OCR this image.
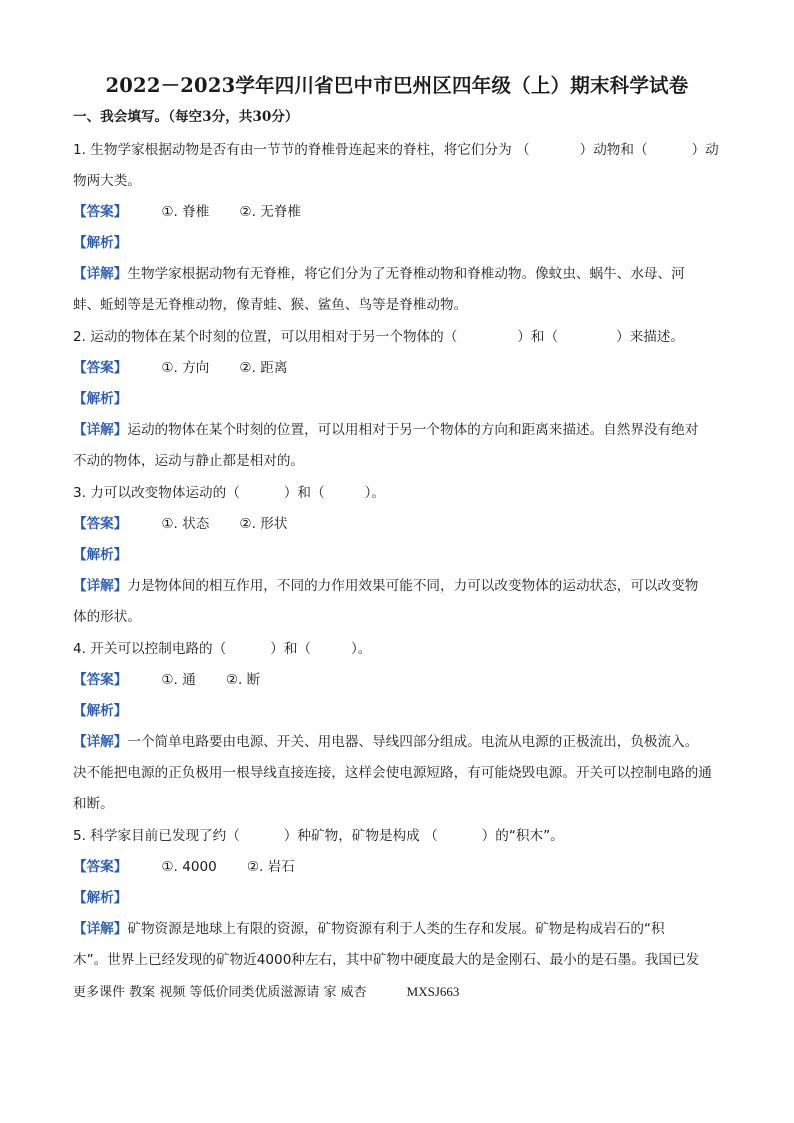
2022－2023学年四川省巴中市巴州区四年级（上）期末科学试卷
一、我会填写。（每空3分，共30分）
1. 生物学家根据动物是否有由一节节的脊椎骨连起来的脊柱，将它们分为 （	）动物和（	）动
物两大类。
【答案】	①. 脊椎 ②. 无脊椎
【解析】
【详解】生物学家根据动物有无脊椎，将它们分为了无脊椎动物和脊椎动物。像蚊虫、蜗牛、水母、河
蚌、蚯蚓等是无脊椎动物，像青蛙、猴、鲨鱼、鸟等是脊椎动物。
2. 运动的物体在某个时刻的位置，可以用相对于另一个物体的（	）和（	）来描述。
【答案】	①. 方向 ②. 距离
【解析】
【详解】运动的物体在某个时刻的位置，可以用相对于另一个物体的方向和距离来描述。自然界没有绝对
不动的物体，运动与静止都是相对的。
3. 力可以改变物体运动的（	）和（	）。
【答案】	①. 状态 ②. 形状
【解析】
【详解】力是物体间的相互作用，不同的力作用效果可能不同，力可以改变物体的运动状态，可以改变物
体的形状。
4. 开关可以控制电路的（	）和（	）。
【答案】	①. 通 ②. 断
【解析】
【详解】一个简单电路要由电源、开关、用电器、导线四部分组成。电流从电源的正极流出，负极流入。
决不能把电源的正负极用一根导线直接连接，这样会使电源短路，有可能烧毁电源。开关可以控制电路的通
和断。
5. 科学家目前已发现了约（	）种矿物，矿物是构成 （	）的“积木”。
【答案】	①. 4000 ②. 岩石
【解析】
【详解】矿物资源是地球上有限的资源，矿物资源有利于人类的生存和发展。矿物是构成岩石的“积
木”。世界上已经发现的矿物近4000种左右，其中矿物中硬度最大的是金刚石、最小的是石墨。我国已发
更多课件 教案 视频 等低价同类优质滋源请 家 威杏	MXSJ663
